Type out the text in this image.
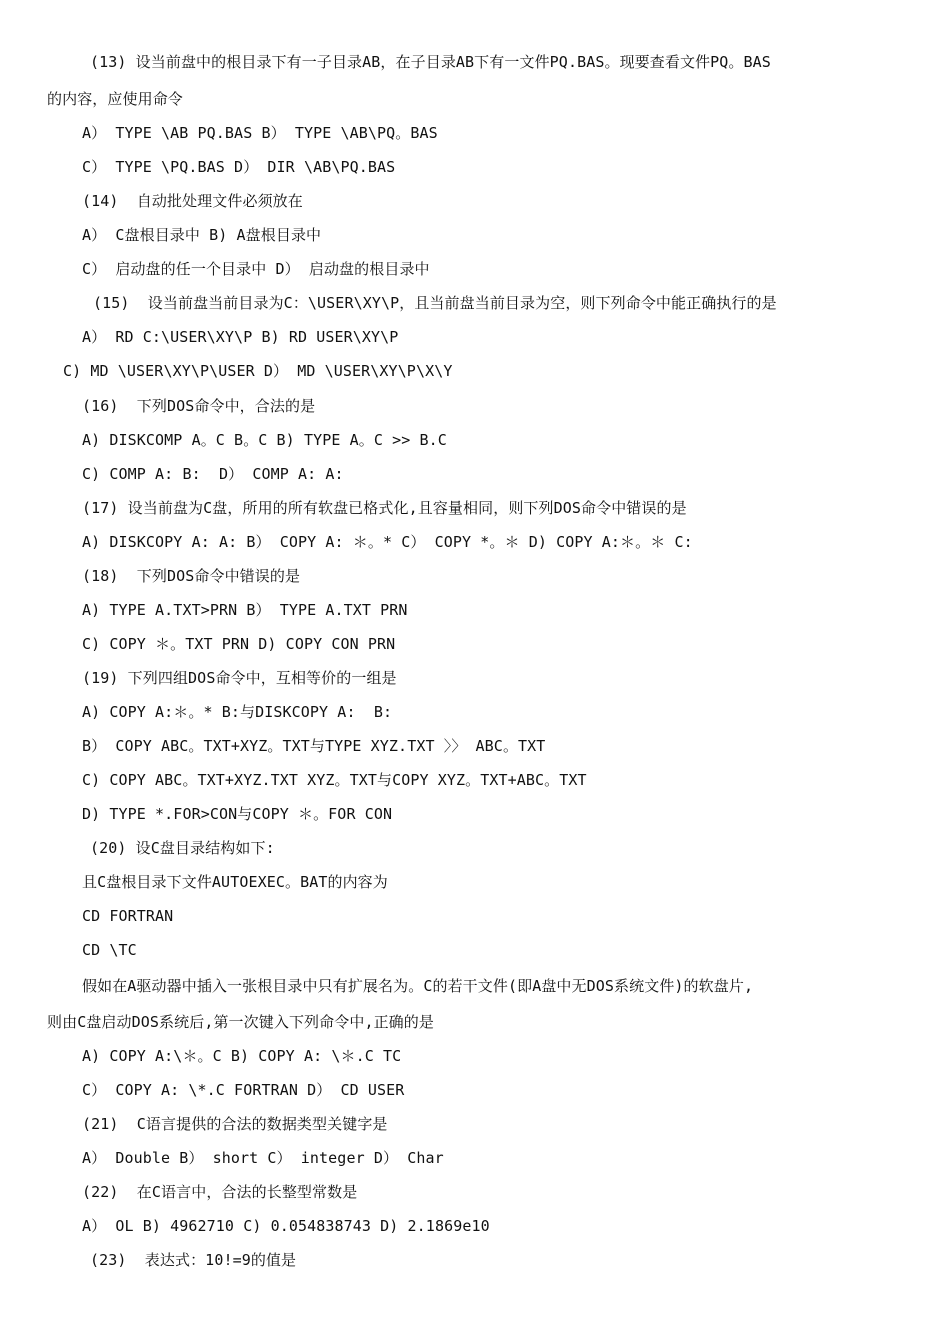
(13) 设当前盘中的根目录下有一子目录AB，在子目录AB下有一文件PQ.BAS。现要查看文件PQ。BAS
的内容，应使用命令
A） TYPE \AB PQ.BAS B） TYPE \AB\PQ。BAS
C） TYPE \PQ.BAS D） DIR \AB\PQ.BAS
(14)  自动批处理文件必须放在
A） C盘根目录中 B) A盘根目录中
C） 启动盘的任一个目录中 D） 启动盘的根目录中
(15)  设当前盘当前目录为C：\USER\XY\P，且当前盘当前目录为空，则下列命令中能正确执行的是
A） RD C:\USER\XY\P B) RD USER\XY\P
C) MD \USER\XY\P\USER D） MD \USER\XY\P\X\Y
(16)  下列DOS命令中，合法的是
A) DISKCOMP A。C B。C B) TYPE A。C >> B.C
C) COMP A: B:  D） COMP A: A:
(17) 设当前盘为C盘，所用的所有软盘已格式化,且容量相同，则下列DOS命令中错误的是
A) DISKCOPY A: A: B） COPY A: ＊。* C） COPY *。＊ D) COPY A:＊。＊ C:
(18)  下列DOS命令中错误的是
A) TYPE A.TXT>PRN B） TYPE A.TXT PRN
C) COPY ＊。TXT PRN D) COPY CON PRN
(19) 下列四组DOS命令中，互相等价的一组是
A) COPY A:＊。* B:与DISKCOPY A:  B:
B） COPY ABC。TXT+XYZ。TXT与TYPE XYZ.TXT 〉〉 ABC。TXT
C) COPY ABC。TXT+XYZ.TXT XYZ。TXT与COPY XYZ。TXT+ABC。TXT
D) TYPE *.FOR>CON与COPY ＊。FOR CON
(20) 设C盘目录结构如下:
且C盘根目录下文件AUTOEXEC。BAT的内容为
CD FORTRAN
CD \TC
假如在A驱动器中插入一张根目录中只有扩展名为。C的若干文件(即A盘中无DOS系统文件)的软盘片,
则由C盘启动DOS系统后,第一次键入下列命令中,正确的是
A) COPY A:\＊。C B) COPY A: \＊.C TC
C） COPY A: \*.C FORTRAN D） CD USER
(21)  C语言提供的合法的数据类型关键字是
A） Double B） short C） integer D） Char
(22)  在C语言中，合法的长整型常数是
A） OL B) 4962710 C) 0.054838743 D) 2.1869e10
(23)  表达式：10!=9的值是
